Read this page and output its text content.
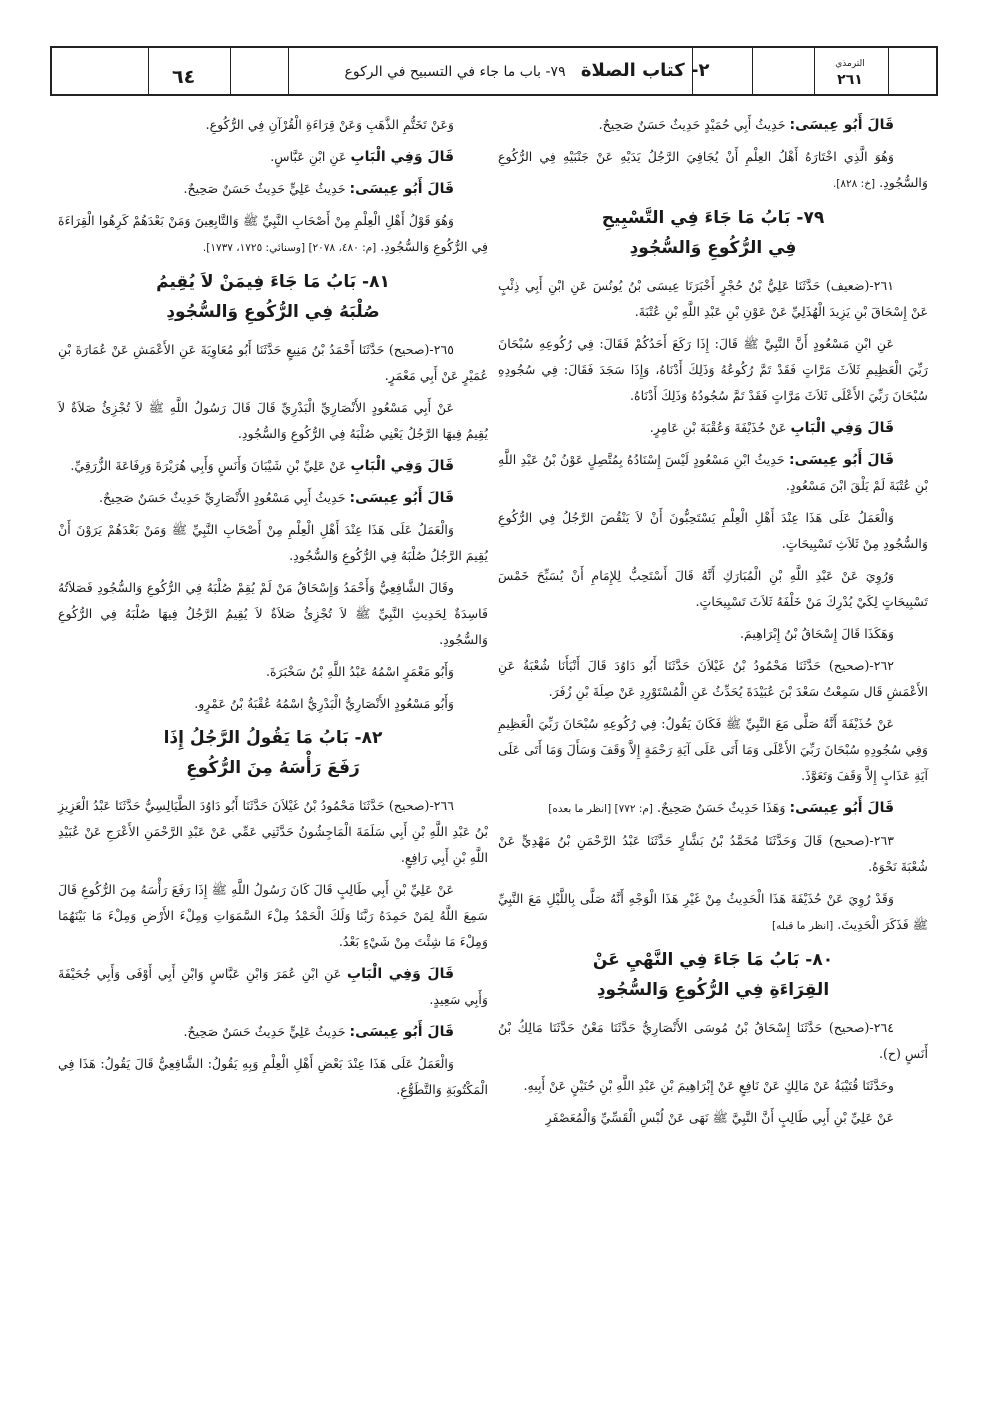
٦٤	٢- كتاب الصلاة   ٧٩- باب ما جاء في التسبيح في الركوع	الترمذي
٢٦١

قَالَ أَبُو عِيسَى: حَدِيثُ أَبِي حُمَيْدٍ حَدِيثٌ حَسَنٌ صَحِيحٌ.

وَهُوَ الَّذِي اخْتَارَهُ أَهْلُ العِلْمِ أَنْ يُجَافِيَ الرَّجُلُ يَدَيْهِ عَنْ جَنْبَيْهِ فِي الرُّكُوعِ وَالسُّجُودِ. [خ: ٨٢٨].

٧٩- بَابُ مَا جَاءَ فِي التَّسْبِيحِ
فِي الرُّكُوعِ وَالسُّجُودِ

٢٦١-(ضعيف) حَدَّثَنَا عَلِيُّ بْنُ حُجْرٍ أَخْبَرَنَا عِيسَى بْنُ يُونُسَ عَنِ ابْنِ أَبِي ذِئْبٍ عَنْ إِسْحَاقَ بْنِ يَزِيدَ الْهُذَلِيِّ عَنْ عَوْنِ بْنِ عَبْدِ اللَّهِ بْنِ عُتْبَةَ.

عَنِ ابْنِ مَسْعُودٍ أَنَّ النَّبِيَّ ﷺ قَالَ: إِذَا رَكَعَ أَحَدُكُمْ فَقَالَ: فِي رُكُوعِهِ سُبْحَانَ رَبِّيَ الْعَظِيمِ ثَلاَثَ مَرَّاتٍ فَقَدْ تَمَّ رُكُوعُهُ وَذَلِكَ أَدْنَاهُ، وَإِذَا سَجَدَ فَقَالَ: فِي سُجُودِهِ سُبْحَانَ رَبِّيَ الأَعْلَى ثَلاَثَ مَرَّاتٍ فَقَدْ تَمَّ سُجُودُهُ وَذَلِكَ أَدْنَاهُ.

قَالَ وَفِي الْبَابِ عَنْ حُذَيْفَةَ وَعُقْبَةَ بْنِ عَامِرٍ.

قَالَ أَبُو عِيسَى: حَدِيثُ ابْنِ مَسْعُودٍ لَيْسَ إِسْنَادُهُ بِمُتَّصِلٍ عَوْنُ بْنُ عَبْدِ اللَّهِ بْنِ عُتْبَةَ لَمْ يَلْقَ ابْنَ مَسْعُودٍ.

وَالْعَمَلُ عَلَى هَذَا عِنْدَ أَهْلِ الْعِلْمِ يَسْتَحِبُّونَ أَنْ لاَ يَنْقُصَ الرَّجُلُ فِي الرُّكُوعِ وَالسُّجُودِ مِنْ ثَلاَثِ تَسْبِيحَاتٍ.

وَرُوِيَ عَنْ عَبْدِ اللَّهِ بْنِ الْمُبَارَكِ أَنَّهُ قَالَ أَسْتَحِبُّ لِلإِمَامِ أَنْ يُسَبِّحَ خَمْسَ تَسْبِيحَاتٍ لِكَيْ يُدْرِكَ مَنْ خَلْفَهُ ثَلاَثَ تَسْبِيحَاتٍ.

وَهَكَذَا قَالَ إِسْحَاقُ بْنُ إِبْرَاهِيمَ.

٢٦٢-(صحيح) حَدَّثَنَا مَحْمُودُ بْنُ غَيْلاَنَ حَدَّثَنَا أَبُو دَاوُدَ قَالَ أَنْبَأَنَا شُعْبَةُ عَنِ الأَعْمَشِ قَال سَمِعْتُ سَعْدَ بْنَ عُبَيْدَةَ يُحَدِّثُ عَنِ الْمُسْتَوْرِدِ عَنْ صِلَةَ بْنِ زُفَرَ.

عَنْ حُذَيْفَةَ أَنَّهُ صَلَّى مَعَ النَّبِيِّ ﷺ فَكَانَ يَقُولُ: فِي رُكُوعِهِ سُبْحَانَ رَبِّيَ الْعَظِيمِ وَفِي سُجُودِهِ سُبْحَانَ رَبِّيَ الأَعْلَى وَمَا أَتَى عَلَى آيَةِ رَحْمَةٍ إِلاَّ وَقَفَ وَسَأَلَ وَمَا أَتَى عَلَى آيَةِ عَذَابٍ إِلاَّ وَقَفَ وَتَعَوَّذَ.

قَالَ أَبُو عِيسَى: وَهَذَا حَدِيثٌ حَسَنٌ صَحِيحٌ. [م: ٧٧٢] [انظر ما بعده]

٢٦٣-(صحيح) قَالَ وَحَدَّثَنَا مُحَمَّدُ بْنُ بَشَّارٍ حَدَّثَنَا عَبْدُ الرَّحْمَنِ بْنُ مَهْدِيٍّ عَنْ شُعْبَةَ نَحْوَهُ.

وَقَدْ رُوِيَ عَنْ حُذَيْفَةَ هَذَا الْحَدِيثُ مِنْ غَيْرِ هَذَا الْوَجْهِ أَنَّهُ صَلَّى بِاللَّيْلِ مَعَ النَّبِيِّ ﷺ فَذَكَرَ الْحَدِيثَ. [انظر ما قبله]

٨٠- بَابُ مَا جَاءَ فِي النَّهْيِ عَنْ
القِرَاءَةِ فِي الرُّكُوعِ وَالسُّجُودِ

٢٦٤-(صحيح) حَدَّثَنَا إِسْحَاقُ بْنُ مُوسَى الأَنْصَارِيُّ حَدَّثَنَا مَعْنٌ حَدَّثَنَا مَالِكُ بْنُ أَنَسٍ (ح).

وحَدَّثَنَا قُتَيْبَةُ عَنْ مَالِكٍ عَنْ نَافِعٍ عَنْ إِبْرَاهِيمَ بْنِ عَبْدِ اللَّهِ بْنِ حُنَيْنٍ عَنْ أَبِيهِ.

عَنْ عَلِيِّ بْنِ أَبِي طَالِبٍ أَنَّ النَّبِيَّ ﷺ نَهَى عَنْ لُبْسِ الْقَسِّيِّ وَالْمُعَصْفَرِ

وَعَنْ تَخَتُّمِ الذَّهَبِ وَعَنْ قِرَاءَةِ الْقُرْآنِ فِي الرُّكُوعِ.

قَالَ وَفِي الْبَابِ عَنِ ابْنِ عَبَّاسٍ.

قَالَ أَبُو عِيسَى: حَدِيثُ عَلِيٍّ حَدِيثٌ حَسَنٌ صَحِيحٌ.

وَهُوَ قَوْلُ أَهْلِ الْعِلْمِ مِنْ أَصْحَابِ النَّبِيِّ ﷺ وَالتَّابِعِينَ وَمَنْ بَعْدَهُمْ كَرِهُوا الْقِرَاءَةَ فِي الرُّكُوعِ وَالسُّجُودِ. [م: ٤٨٠، ٢٠٧٨] [وسنائي: ١٧٢٥، ١٧٣٧].

٨١- بَابُ مَا جَاءَ فِيمَنْ لاَ يُقِيمُ
صُلْبَهُ فِي الرُّكُوعِ وَالسُّجُودِ

٢٦٥-(صحيح) حَدَّثَنَا أَحْمَدُ بْنُ مَنِيعٍ حَدَّثَنَا أَبُو مُعَاوِيَةَ عَنِ الأَعْمَشِ عَنْ عُمَارَةَ بْنِ عُمَيْرٍ عَنْ أَبِي مَعْمَرٍ.

عَنْ أَبِي مَسْعُودٍ الأَنْصَارِيِّ الْبَدْرِيِّ قَالَ قَالَ رَسُولُ اللَّهِ ﷺ لاَ تُجْزِئُ صَلاَةٌ لاَ يُقِيمُ فِيهَا الرَّجُلُ يَعْنِي صُلْبَهُ فِي الرُّكُوعِ وَالسُّجُودِ.

قَالَ وَفِي الْبَابِ عَنْ عَلِيِّ بْنِ شَيْبَانَ وَأَنَسٍ وَأَبِي هُرَيْرَةَ وَرِفَاعَةَ الزُّرَقِيِّ.

قَالَ أَبُو عِيسَى: حَدِيثُ أَبِي مَسْعُودٍ الأَنْصَارِيِّ حَدِيثٌ حَسَنٌ صَحِيحٌ.

وَالْعَمَلُ عَلَى هَذَا عِنْدَ أَهْلِ الْعِلْمِ مِنْ أَصْحَابِ النَّبِيِّ ﷺ وَمَنْ بَعْدَهُمْ يَرَوْنَ أَنْ يُقِيمَ الرَّجُلُ صُلْبَهُ فِي الرُّكُوعِ وَالسُّجُودِ.

وقَالَ الشَّافِعِيُّ وَأَحْمَدُ وَإِسْحَاقُ مَنْ لَمْ يُقِمْ صُلْبَهُ فِي الرُّكُوعِ وَالسُّجُودِ فَصَلاَتُهُ فَاسِدَةٌ لِحَدِيثِ النَّبِيِّ ﷺ لاَ تُجْزِئُ صَلاَةٌ لاَ يُقِيمُ الرَّجُلُ فِيهَا صُلْبَهُ فِي الرُّكُوعِ وَالسُّجُودِ.

وَأَبُو مَعْمَرٍ اسْمُهُ عَبْدُ اللَّهِ بْنُ سَخْبَرَةَ.

وَأَبُو مَسْعُودٍ الأَنْصَارِيُّ الْبَدْرِيُّ اسْمُهُ عُقْبَةُ بْنُ عَمْرٍو.

٨٢- بَابُ مَا يَقُولُ الرَّجُلُ إِذَا
رَفَعَ رَأْسَهُ مِنَ الرُّكُوعِ

٢٦٦-(صحيح) حَدَّثَنَا مَحْمُودُ بْنُ غَيْلاَنَ حَدَّثَنَا أَبُو دَاوُدَ الطَّيَالِسِيُّ حَدَّثَنَا عَبْدُ الْعَزِيزِ بْنُ عَبْدِ اللَّهِ بْنِ أَبِي سَلَمَةَ الْمَاجِشُونُ حَدَّثَنِي عَمِّي عَنْ عَبْدِ الرَّحْمَنِ الأَعْرَجِ عَنْ عُبَيْدِ اللَّهِ بْنِ أَبِي رَافِعٍ.

عَنْ عَلِيِّ بْنِ أَبِي طَالِبٍ قَالَ كَانَ رَسُولُ اللَّهِ ﷺ إِذَا رَفَعَ رَأْسَهُ مِنَ الرُّكُوعِ قَالَ سَمِعَ اللَّهُ لِمَنْ حَمِدَهُ رَبَّنَا وَلَكَ الْحَمْدُ مِلْءَ السَّمَوَاتِ وَمِلْءَ الأَرْضِ وَمِلْءَ مَا بَيْنَهُمَا وَمِلْءَ مَا شِئْتَ مِنْ شَيْءٍ بَعْدُ.

قَالَ وَفِي الْبَابِ عَنِ ابْنِ عُمَرَ وَابْنِ عَبَّاسٍ وَابْنِ أَبِي أَوْفَى وَأَبِي جُحَيْفَةَ وَأَبِي سَعِيدٍ.

قَالَ أَبُو عِيسَى: حَدِيثُ عَلِيٍّ حَدِيثٌ حَسَنٌ صَحِيحٌ.

وَالْعَمَلُ عَلَى هَذَا عِنْدَ بَعْضِ أَهْلِ الْعِلْمِ وَبِهِ يَقُولُ: الشَّافِعِيُّ قَالَ يَقُولُ: هَذَا فِي الْمَكْتُوبَةِ وَالتَّطَوُّعِ.
